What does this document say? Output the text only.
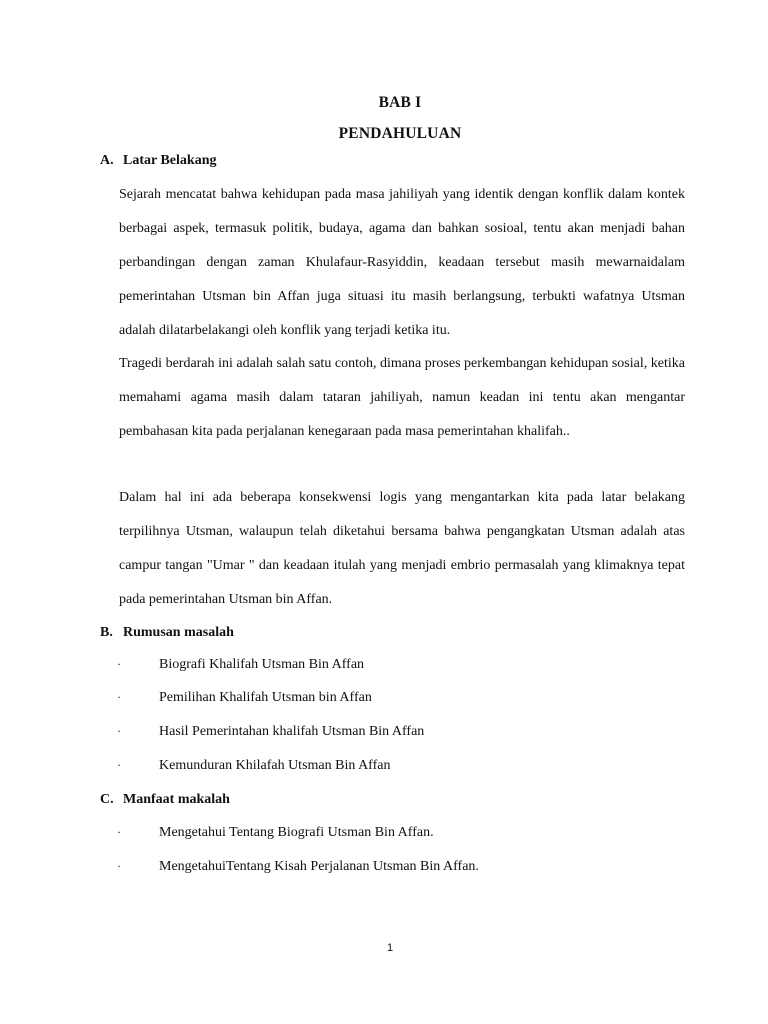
BAB I
PENDAHULUAN
A. Latar Belakang

Sejarah mencatat bahwa kehidupan pada masa jahiliyah yang identik dengan konflik dalam kontek berbagai aspek, termasuk politik, budaya, agama dan bahkan sosioal, tentu akan menjadi bahan perbandingan dengan zaman Khulafaur-Rasyiddin, keadaan tersebut masih mewarnaidalam pemerintahan Utsman bin Affan juga situasi itu masih berlangsung, terbukti wafatnya Utsman adalah dilatarbelakangi oleh konflik yang terjadi ketika itu.

Tragedi berdarah ini adalah salah satu contoh, dimana proses perkembangan kehidupan sosial, ketika memahami agama masih dalam tataran jahiliyah, namun keadan ini tentu akan mengantar pembahasan kita pada perjalanan kenegaraan pada masa pemerintahan khalifah..

Dalam hal ini ada beberapa konsekwensi logis yang mengantarkan kita pada latar belakang terpilihnya Utsman, walaupun telah diketahui bersama bahwa pengangkatan Utsman adalah atas campur tangan "Umar " dan keadaan itulah yang menjadi embrio permasalah yang klimaknya tepat pada pemerintahan Utsman bin Affan.

B. Rumusan masalah
·	Biografi Khalifah Utsman Bin Affan
·	Pemilihan Khalifah Utsman bin Affan
·	Hasil Pemerintahan khalifah Utsman Bin Affan
·	Kemunduran Khilafah Utsman Bin Affan
C. Manfaat makalah
·	Mengetahui Tentang Biografi Utsman Bin Affan.
·	MengetahuiTentang Kisah Perjalanan Utsman Bin Affan.
1
